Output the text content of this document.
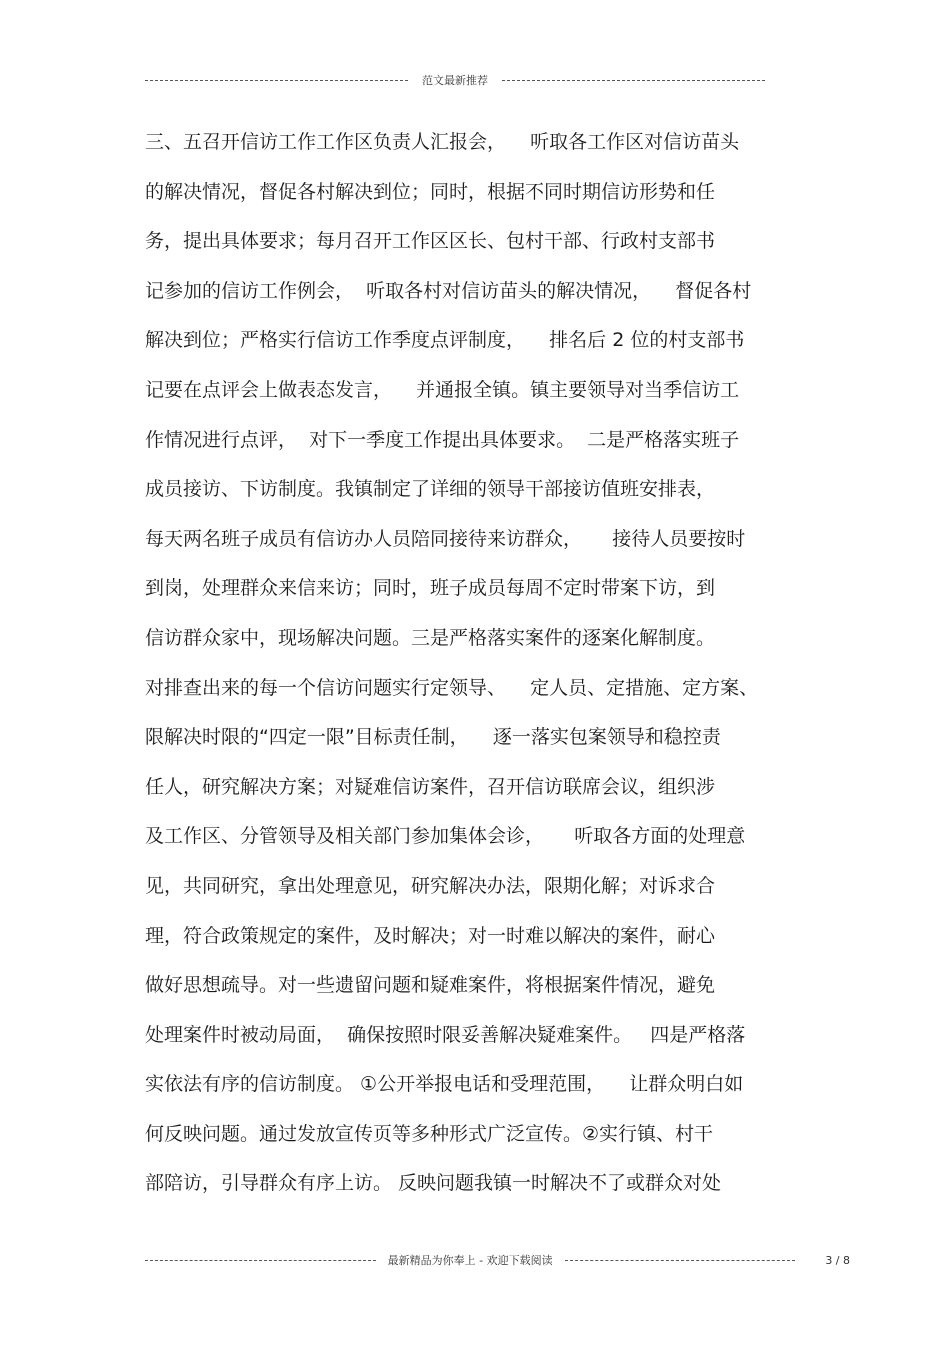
范文最新推荐
三、五召开信访工作工作区负责人汇报会，    听取各工作区对信访苗头
的解决情况，督促各村解决到位；同时，根据不同时期信访形势和任
务，提出具体要求；每月召开工作区区长、包村干部、行政村支部书
记参加的信访工作例会，  听取各村对信访苗头的解决情况，    督促各村
解决到位；严格实行信访工作季度点评制度，    排名后 2 位的村支部书
记要在点评会上做表态发言，    并通报全镇。镇主要领导对当季信访工
作情况进行点评，  对下一季度工作提出具体要求。  二是严格落实班子
成员接访、下访制度。我镇制定了详细的领导干部接访值班安排表，
每天两名班子成员有信访办人员陪同接待来访群众，     接待人员要按时
到岗，处理群众来信来访；同时，班子成员每周不定时带案下访，到
信访群众家中，现场解决问题。三是严格落实案件的逐案化解制度。
对排查出来的每一个信访问题实行定领导、    定人员、定措施、定方案、
限解决时限的“四定一限”目标责任制，    逐一落实包案领导和稳控责
任人，研究解决方案；对疑难信访案件，召开信访联席会议，组织涉
及工作区、分管领导及相关部门参加集体会诊，     听取各方面的处理意
见，共同研究，拿出处理意见，研究解决办法，限期化解；对诉求合
理，符合政策规定的案件，及时解决；对一时难以解决的案件，耐心
做好思想疏导。对一些遗留问题和疑难案件，将根据案件情况，避免
处理案件时被动局面，  确保按照时限妥善解决疑难案件。   四是严格落
实依法有序的信访制度。 ①公开举报电话和受理范围，    让群众明白如
何反映问题。通过发放宣传页等多种形式广泛宣传。②实行镇、村干
部陪访，引导群众有序上访。 反映问题我镇一时解决不了或群众对处
最新精品为你奉上 - 欢迎下载阅读	3 / 8
